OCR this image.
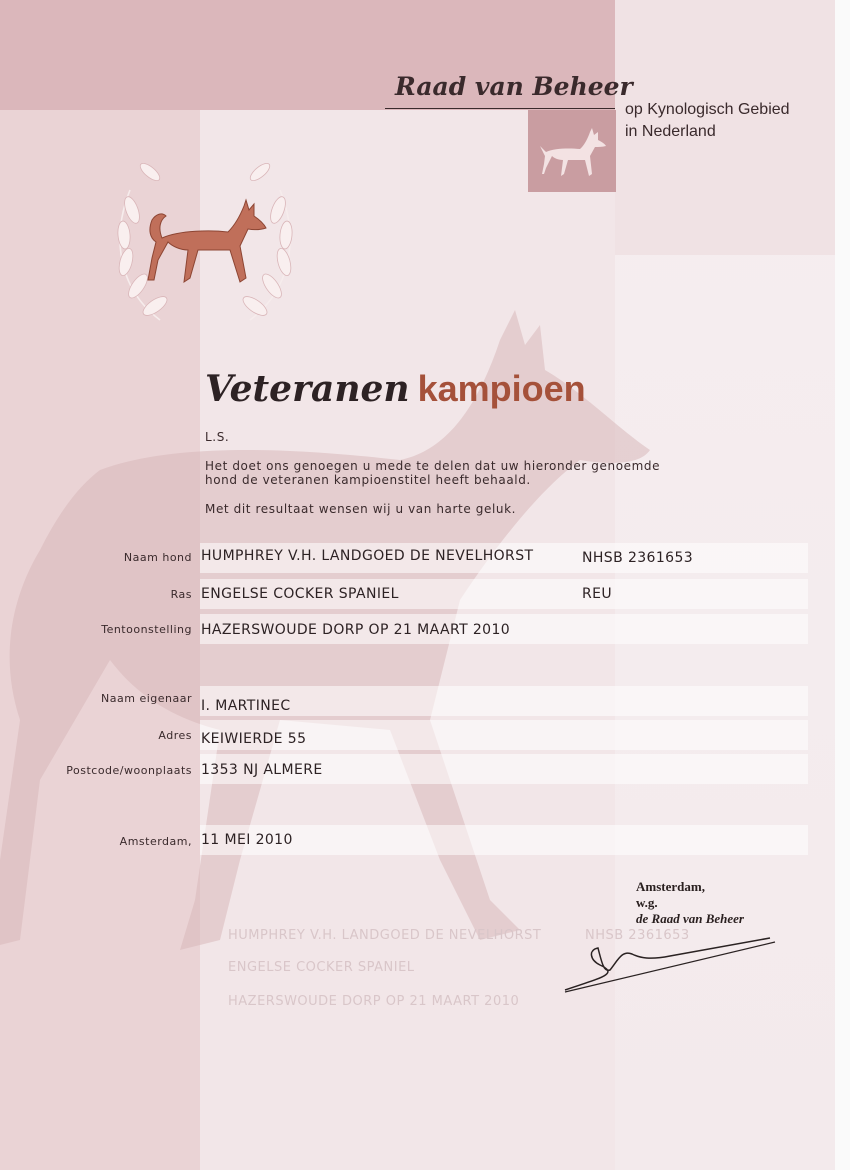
Raad van Beheer
op Kynologisch Gebied
in Nederland
Veteranen kampioen
L.S.
Het doet ons genoegen u mede te delen dat uw hieronder genoemde
hond de veteranen kampioenstitel heeft behaald.
Met dit resultaat wensen wij u van harte geluk.
Naam hond HUMPHREY V.H. LANDGOED DE NEVELHORST	NHSB 2361653
Ras ENGELSE COCKER SPANIEL	REU
Tentoonstelling HAZERSWOUDE DORP OP 21 MAART 2010
Naam eigenaar I. MARTINEC
Adres KEIWIERDE 55
Postcode/woonplaats 1353 NJ ALMERE
Amsterdam, 11 MEI 2010
HUMPHREY V.H. LANDGOED DE NEVELHORST	NHSB 2361653
ENGELSE COCKER SPANIEL
HAZERSWOUDE DORP OP 21 MAART 2010
Amsterdam,
w.g.
de Raad van Beheer
